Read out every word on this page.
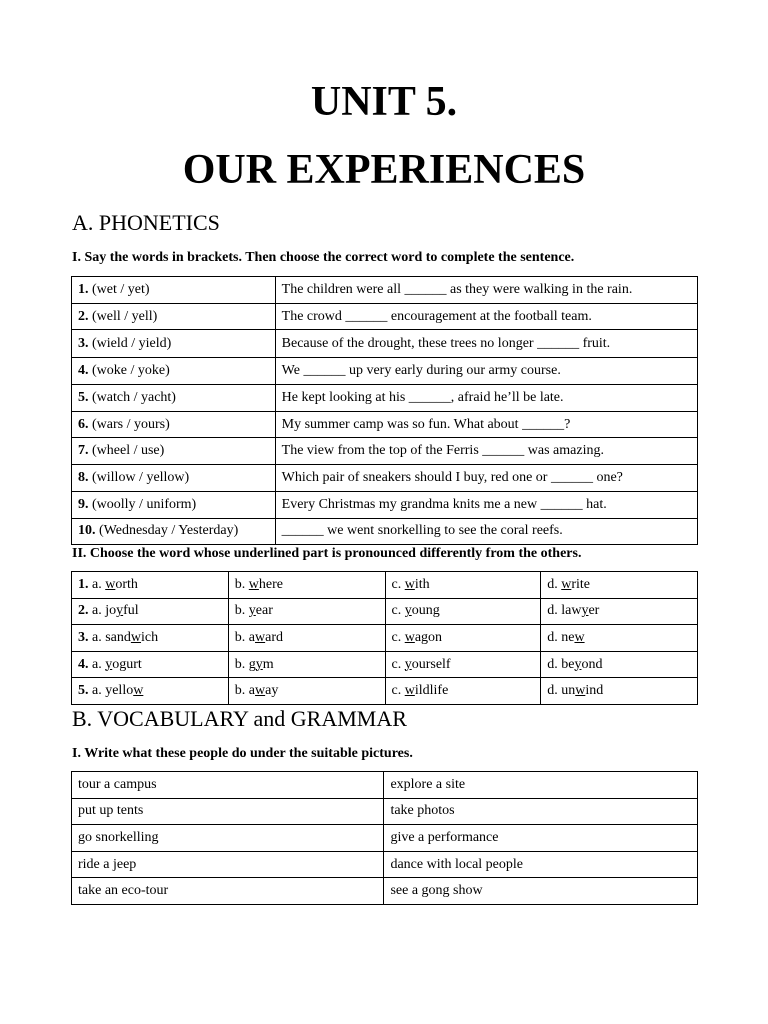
UNIT 5.
OUR EXPERIENCES
A. PHONETICS
I. Say the words in brackets. Then choose the correct word to complete the sentence.
1. (wet / yet)	The children were all ______ as they were walking in the rain.
2. (well / yell)	The crowd ______ encouragement at the football team.
3. (wield / yield)	Because of the drought, these trees no longer ______ fruit.
4. (woke / yoke)	We ______ up very early during our army course.
5. (watch / yacht)	He kept looking at his ______, afraid he’ll be late.
6. (wars / yours)	My summer camp was so fun. What about ______?
7. (wheel / use)	The view from the top of the Ferris ______ was amazing.
8. (willow / yellow)	Which pair of sneakers should I buy, red one or ______ one?
9. (woolly / uniform)	Every Christmas my grandma knits me a new ______ hat.
10. (Wednesday / Yesterday)	______ we went snorkelling to see the coral reefs.
II. Choose the word whose underlined part is pronounced differently from the others.
1. a. worth	b. where	c. with	d. write
2. a. joyful	b. year	c. young	d. lawyer
3. a. sandwich	b. award	c. wagon	d. new
4. a. yogurt	b. gym	c. yourself	d. beyond
5. a. yellow	b. away	c. wildlife	d. unwind
B. VOCABULARY and GRAMMAR
I. Write what these people do under the suitable pictures.
tour a campus	explore a site
put up tents	take photos
go snorkelling	give a performance
ride a jeep	dance with local people
take an eco-tour	see a gong show
